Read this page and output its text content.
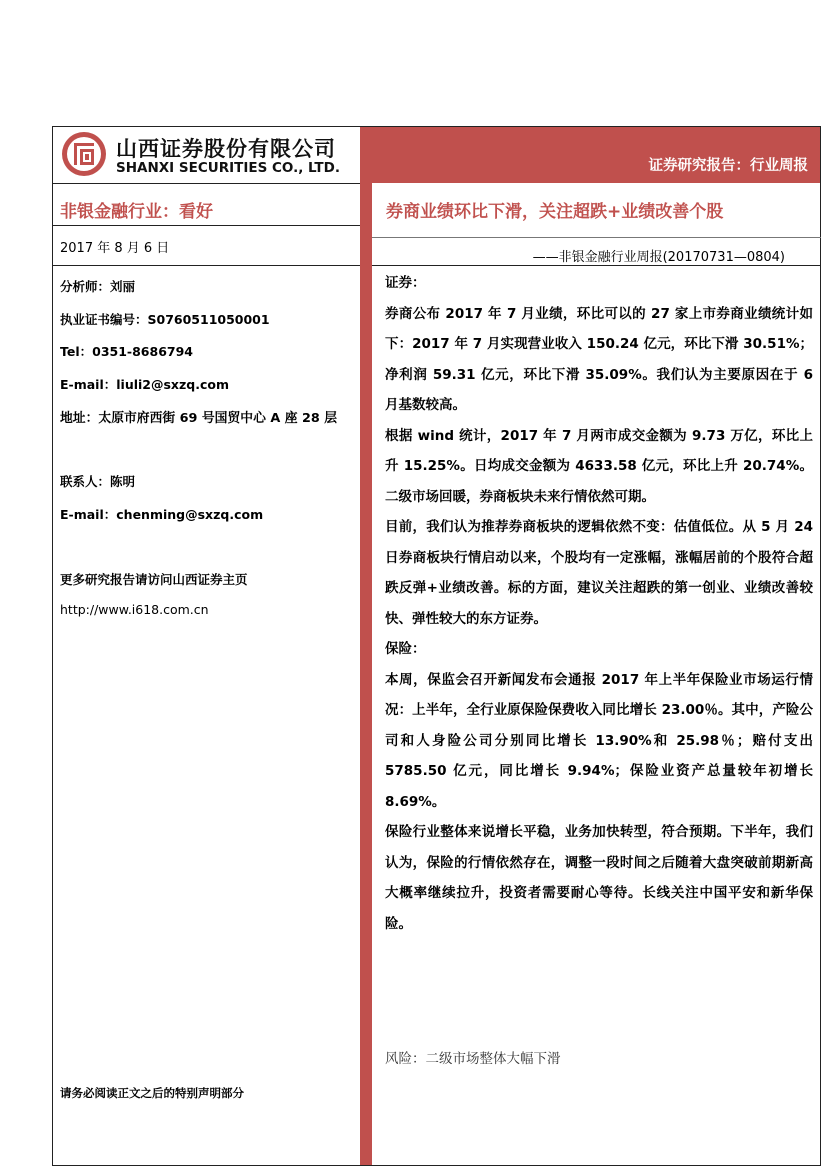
山西证券股份有限公司
SHANXI SECURITIES CO., LTD.	证券研究报告：行业周报
非银金融行业：看好	券商业绩环比下滑，关注超跌+业绩改善个股
2017 年 8 月 6 日
——非银金融行业周报(20170731—0804)
分析师：刘丽
执业证书编号：S0760511050001
Tel：0351-8686794
E-mail：liuli2@sxzq.com
地址：太原市府西街 69 号国贸中心 A 座 28 层
联系人：陈明
E-mail：chenming@sxzq.com
更多研究报告请访问山西证券主页
http://www.i618.com.cn

证券：

券商公布 2017 年 7 月业绩，环比可以的 27 家上市券商业绩统计如下：2017 年 7 月实现营业收入 150.24 亿元，环比下滑 30.51%；净利润 59.31 亿元，环比下滑 35.09%。我们认为主要原因在于 6 月基数较高。

根据 wind 统计，2017 年 7 月两市成交金额为 9.73 万亿，环比上升 15.25%。日均成交金额为 4633.58 亿元，环比上升 20.74%。二级市场回暖，券商板块未来行情依然可期。

目前，我们认为推荐券商板块的逻辑依然不变：估值低位。从 5 月 24 日券商板块行情启动以来，个股均有一定涨幅，涨幅居前的个股符合超跌反弹+业绩改善。标的方面，建议关注超跌的第一创业、业绩改善较快、弹性较大的东方证券。

保险：

本周，保监会召开新闻发布会通报 2017 年上半年保险业市场运行情况：上半年，全行业原保险保费收入同比增长 23.00％。其中，产险公司和人身险公司分别同比增长 13.90%和 25.98％；赔付支出 5785.50 亿元，同比增长 9.94%；保险业资产总量较年初增长 8.69%。

保险行业整体来说增长平稳，业务加快转型，符合预期。下半年，我们认为，保险的行情依然存在，调整一段时间之后随着大盘突破前期新高大概率继续拉升，投资者需要耐心等待。长线关注中国平安和新华保险。

风险：二级市场整体大幅下滑
请务必阅读正文之后的特别声明部分
